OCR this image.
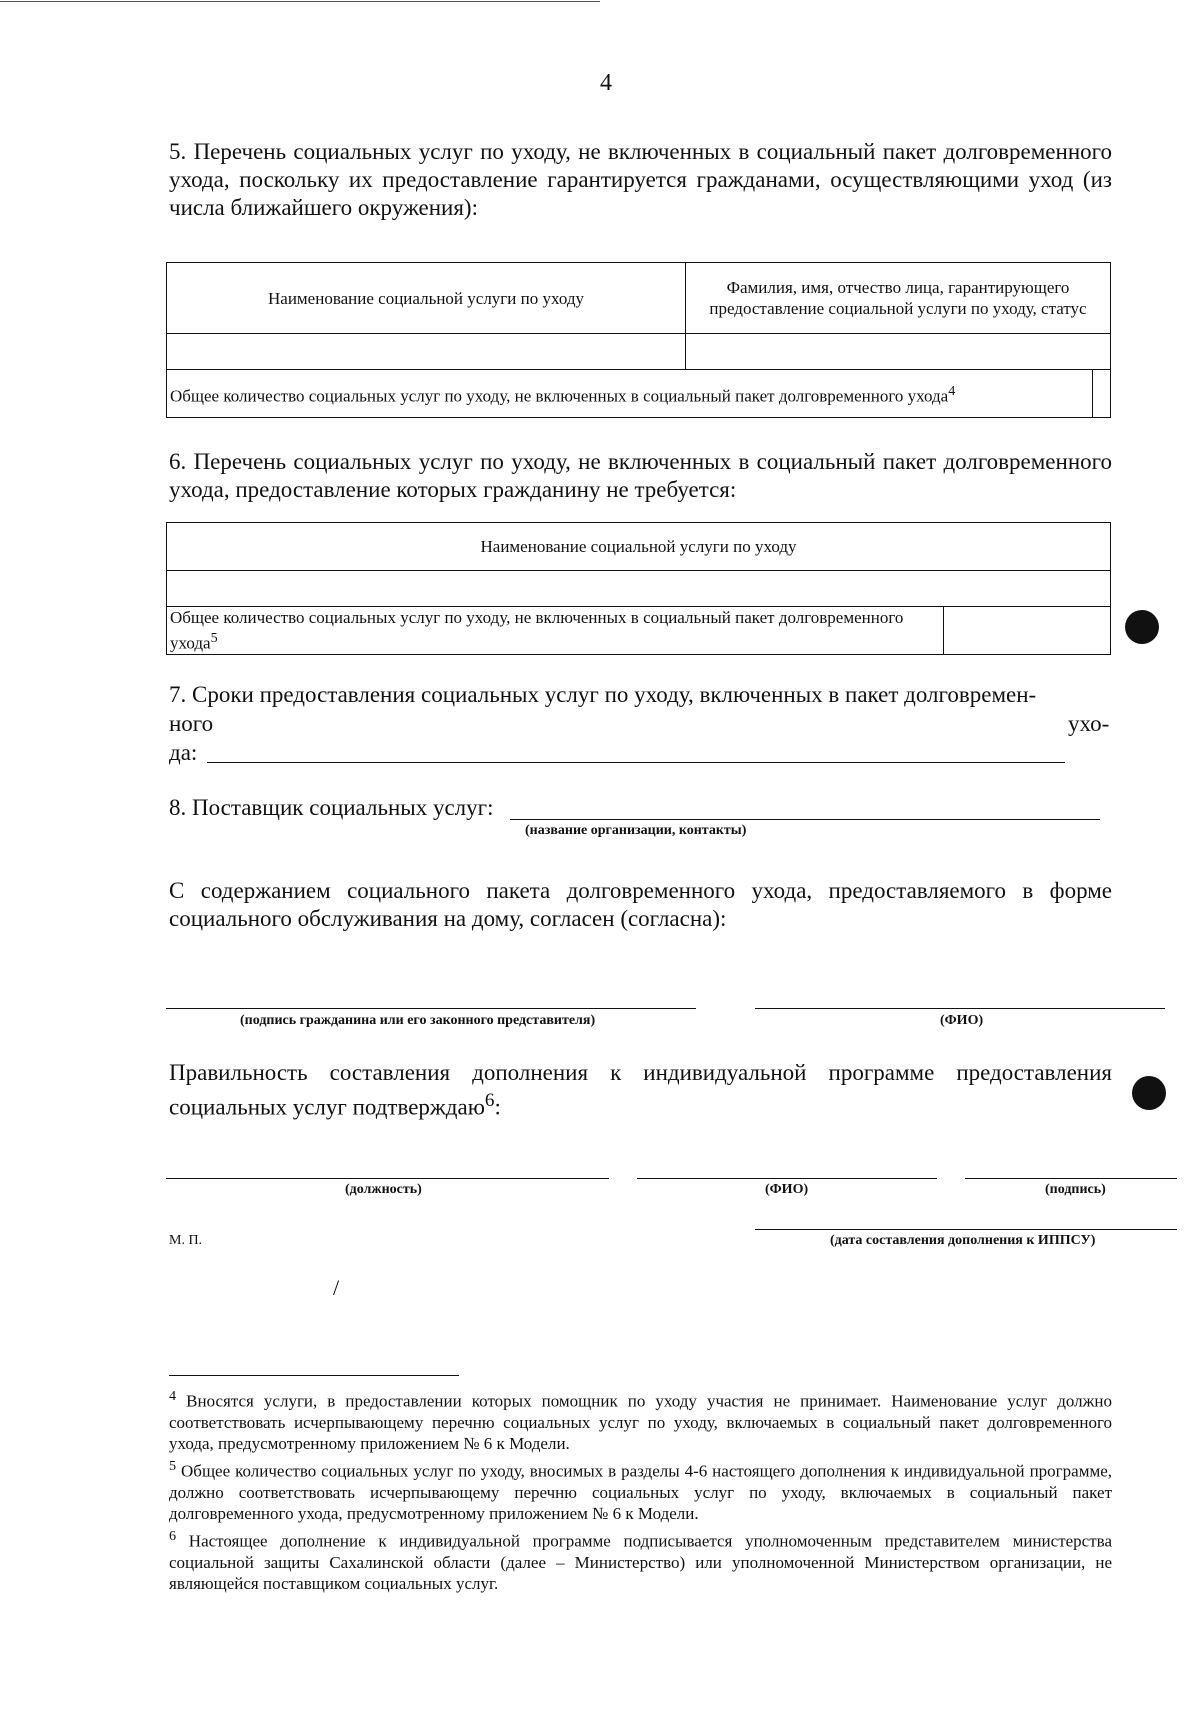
4
5. Перечень социальных услуг по уходу, не включенных в социальный пакет долговременного ухода, поскольку их предоставление гарантируется гражданами, осуществляющими уход (из числа ближайшего окружения):
Наименование социальной услуги по уходу	Фамилия, имя, отчество лица, гарантирующего предоставление социальной услуги по уходу, статус	

Общее количество социальных услуг по уходу, не включенных в социальный пакет долговременного ухода$^4$	
6. Перечень социальных услуг по уходу, не включенных в социальный пакет долговременного ухода, предоставление которых гражданину не требуется:
Наименование социальной услуги по уходу

Общее количество социальных услуг по уходу, не включенных в социальный пакет долговременного ухода$^5$	
7. Сроки предоставления социальных услуг по уходу, включенных в пакет долговремен-
ного	ухо-
да:
8. Поставщик социальных услуг:
(название организации, контакты)
С содержанием социального пакета долговременного ухода, предоставляемого в форме социального обслуживания на дому, согласен (согласна):
(подпись гражданина или его законного представителя)	(ФИО)
Правильность составления дополнения к индивидуальной программе предоставления социальных услуг подтверждаю$^6$:
(должность)	(ФИО)	(подпись)
М. П.	(дата составления дополнения к ИППСУ)
/
$^4$ Вносятся услуги, в предоставлении которых помощник по уходу участия не принимает. Наименование услуг должно соответствовать исчерпывающему перечню социальных услуг по уходу, включаемых в социальный пакет долговременного ухода, предусмотренному приложением № 6 к Модели.
$^5$ Общее количество социальных услуг по уходу, вносимых в разделы 4-6 настоящего дополнения к индивидуальной программе, должно соответствовать исчерпывающему перечню социальных услуг по уходу, включаемых в социальный пакет долговременного ухода, предусмотренному приложением № 6 к Модели.
$^6$ Настоящее дополнение к индивидуальной программе подписывается уполномоченным представителем министерства социальной защиты Сахалинской области (далее – Министерство) или уполномоченной Министерством организации, не являющейся поставщиком социальных услуг.
